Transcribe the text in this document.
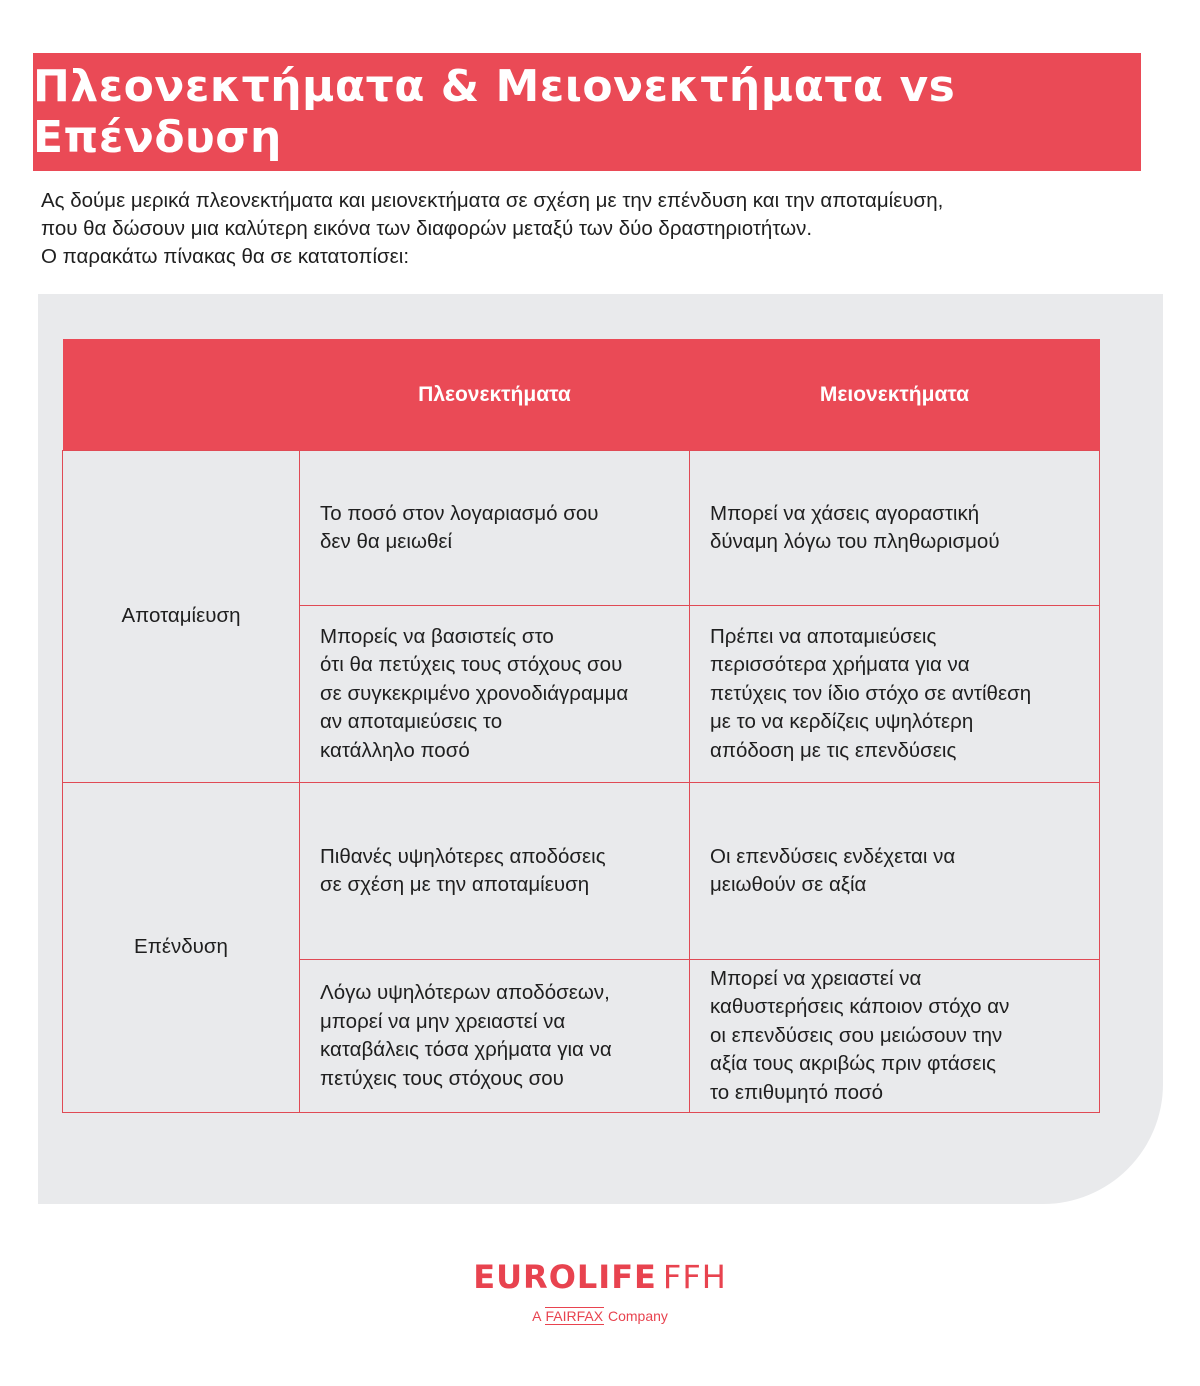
Πλεονεκτήματα & Μειονεκτήματα vs Επένδυση

Ας δούμε μερικά πλεονεκτήματα και μειονεκτήματα σε σχέση με την επένδυση και την αποταμίευση,

που θα δώσουν μια καλύτερη εικόνα των διαφορών μεταξύ των δύο δραστηριοτήτων.

Ο παρακάτω πίνακας θα σε κατατοπίσει:

	Πλεονεκτήματα	Μειονεκτήματα
Αποταμίευση	Το ποσό στον λογαριασμό σου
δεν θα μειωθεί	Μπορεί να χάσεις αγοραστική
δύναμη λόγω του πληθωρισμού
	Μπορείς να βασιστείς στο
ότι θα πετύχεις τους στόχους σου
σε συγκεκριμένο χρονοδιάγραμμα
αν αποταμιεύσεις το
κατάλληλο ποσό	Πρέπει να αποταμιεύσεις
περισσότερα χρήματα για να
πετύχεις τον ίδιο στόχο σε αντίθεση
με το να κερδίζεις υψηλότερη
απόδοση με τις επενδύσεις
Επένδυση	Πιθανές υψηλότερες αποδόσεις
σε σχέση με την αποταμίευση	Οι επενδύσεις ενδέχεται να
μειωθούν σε αξία
	Λόγω υψηλότερων αποδόσεων,
μπορεί να μην χρειαστεί να
καταβάλεις τόσα χρήματα για να
πετύχεις τους στόχους σου	Μπορεί να χρειαστεί να
καθυστερήσεις κάποιον στόχο αν
οι επενδύσεις σου μειώσουν την
αξία τους ακριβώς πριν φτάσεις
το επιθυμητό ποσό
EUROLIFE FFH
A FAIRFAX Company
